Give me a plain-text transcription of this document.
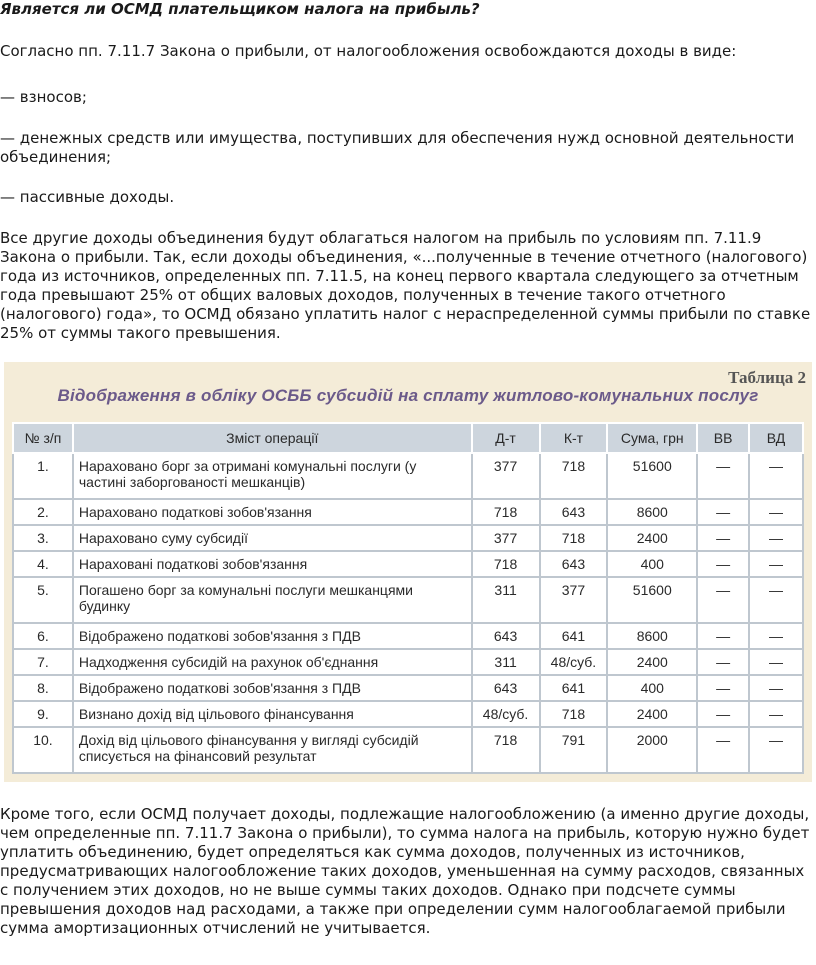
Является ли ОСМД плательщиком налога на прибыль?
Согласно пп. 7.11.7 Закона о прибыли, от налогообложения освобождаются доходы в виде:
— взносов;
— денежных средств или имущества, поступивших для обеспечения нужд основной деятельности объединения;
— пассивные доходы.
Все другие доходы объединения будут облагаться налогом на прибыль по условиям пп. 7.11.9 Закона о прибыли. Так, если доходы объединения, «...полученные в течение отчетного (налогового) года из источников, определенных пп. 7.11.5, на конец первого квартала следующего за отчетным года превышают 25% от общих валовых доходов, полученных в течение такого отчетного (налогового) года», то ОСМД обязано уплатить налог с нераспределенной суммы прибыли по ставке 25% от суммы такого превышения.
Таблица 2
Відображення в обліку ОСББ субсидій на сплату житлово-комунальних послуг
№ з/п	Зміст операції	Д-т	К-т	Сума, грн	ВВ	ВД
1.	Нараховано борг за отримані комунальні послуги (у частині заборгованості мешканців)	377	718	51600	—	—
2.	Нараховано податкові зобов'язання	718	643	8600	—	—
3.	Нараховано суму субсидії	377	718	2400	—	—
4.	Нараховані податкові зобов'язання	718	643	400	—	—
5.	Погашено борг за комунальні послуги мешканцями будинку	311	377	51600	—	—
6.	Відображено податкові зобов'язання з ПДВ	643	641	8600	—	—
7.	Надходження субсидій на рахунок об'єднання	311	48/суб.	2400	—	—
8.	Відображено податкові зобов'язання з ПДВ	643	641	400	—	—
9.	Визнано дохід від цільового фінансування	48/суб.	718	2400	—	—
10.	Дохід від цільового фінансування у вигляді субсидій списується на фінансовий результат	718	791	2000	—	—
Кроме того, если ОСМД получает доходы, подлежащие налогообложению (а именно другие доходы, чем определенные пп. 7.11.7 Закона о прибыли), то сумма налога на прибыль, которую нужно будет уплатить объединению, будет определяться как сумма доходов, полученных из источников, предусматривающих налогообложение таких доходов, уменьшенная на сумму расходов, связанных с получением этих доходов, но не выше суммы таких доходов. Однако при подсчете суммы превышения доходов над расходами, а также при определении сумм налогооблагаемой прибыли сумма амортизационных отчислений не учитывается.
